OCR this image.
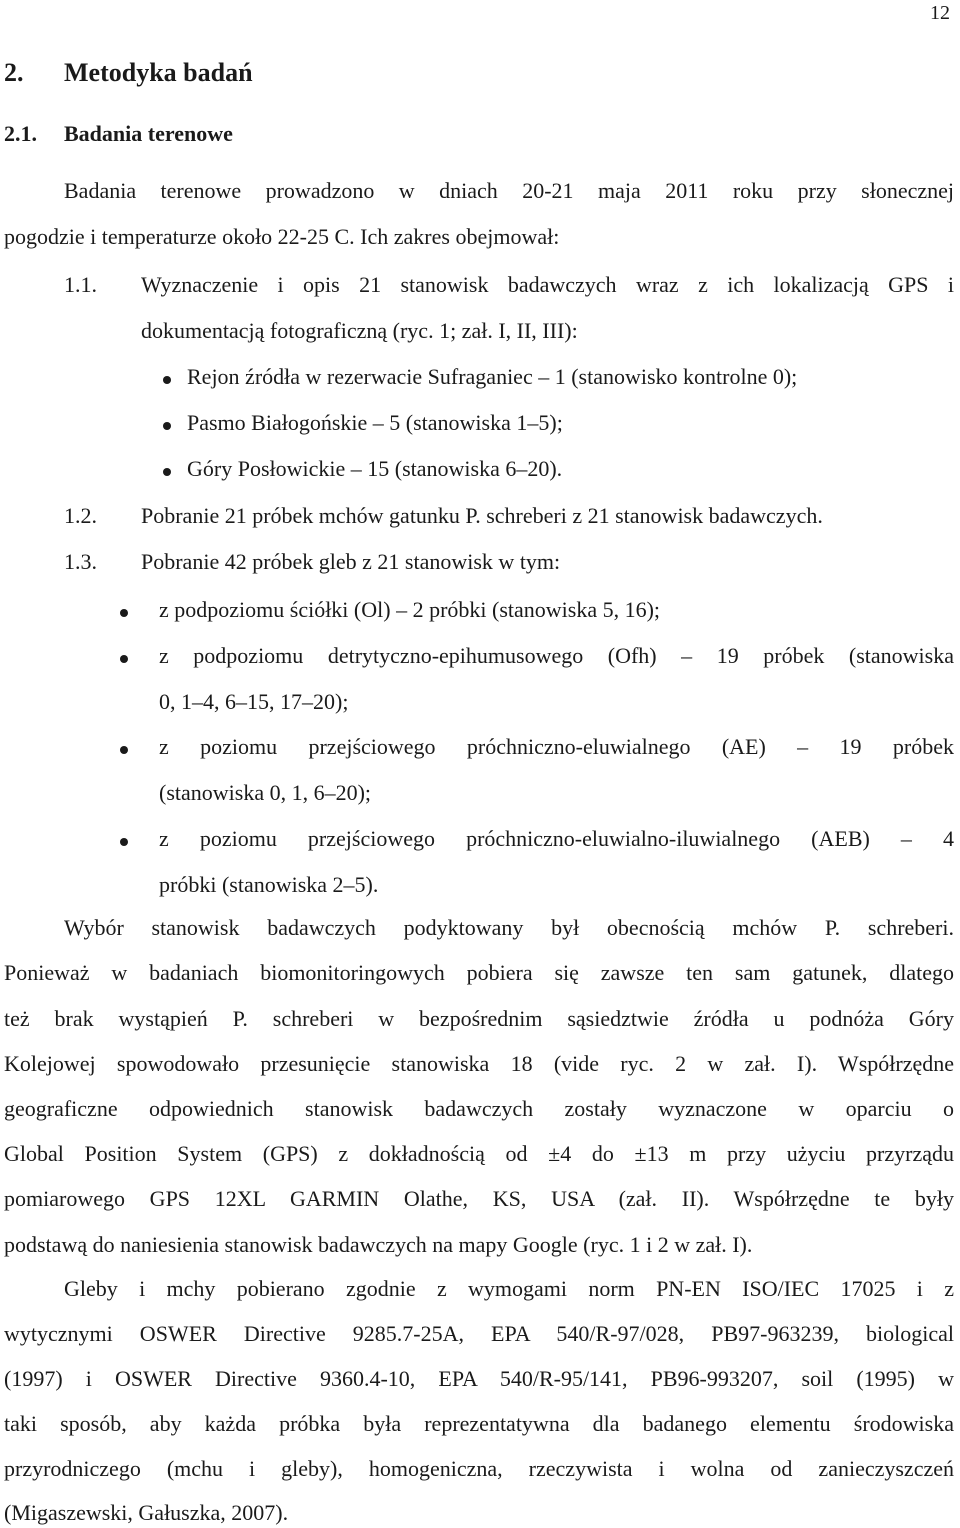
12
2. Metodyka badań
2.1. Badania terenowe
Badania terenowe prowadzono w dniach 20-21 maja 2011 roku przy słonecznej
pogodzie i temperaturze około 22-25 C. Ich zakres obejmował:
1.1. Wyznaczenie i opis 21 stanowisk badawczych wraz z ich lokalizacją GPS i
dokumentacją fotograficzną (ryc. 1; zał. I, II, III):
Rejon źródła w rezerwacie Sufraganiec – 1 (stanowisko kontrolne 0);
Pasmo Białogońskie – 5 (stanowiska 1–5);
Góry Posłowickie – 15 (stanowiska 6–20).
1.2. Pobranie 21 próbek mchów gatunku P. schreberi z 21 stanowisk badawczych.
1.3. Pobranie 42 próbek gleb z 21 stanowisk w tym:
z podpoziomu ściółki (Ol) – 2 próbki (stanowiska 5, 16);
z podpoziomu detrytyczno-epihumusowego (Ofh) – 19 próbek (stanowiska
0, 1–4, 6–15, 17–20);
z poziomu przejściowego próchniczno-eluwialnego (AE) – 19 próbek
(stanowiska 0, 1, 6–20);
z poziomu przejściowego próchniczno-eluwialno-iluwialnego (AEB) – 4
próbki (stanowiska 2–5).
Wybór stanowisk badawczych podyktowany był obecnością mchów P. schreberi.
Ponieważ w badaniach biomonitoringowych pobiera się zawsze ten sam gatunek, dlatego
też brak wystąpień P. schreberi w bezpośrednim sąsiedztwie źródła u podnóża Góry
Kolejowej spowodowało przesunięcie stanowiska 18 (vide ryc. 2 w zał. I). Współrzędne
geograficzne odpowiednich stanowisk badawczych zostały wyznaczone w oparciu o
Global Position System (GPS) z dokładnością od ±4 do ±13 m przy użyciu przyrządu
pomiarowego GPS 12XL GARMIN Olathe, KS, USA (zał. II). Współrzędne te były
podstawą do naniesienia stanowisk badawczych na mapy Google (ryc. 1 i 2 w zał. I).
Gleby i mchy pobierano zgodnie z wymogami norm PN-EN ISO/IEC 17025 i z
wytycznymi OSWER Directive 9285.7-25A, EPA 540/R-97/028, PB97-963239, biological
(1997) i OSWER Directive 9360.4-10, EPA 540/R-95/141, PB96-993207, soil (1995) w
taki sposób, aby każda próbka była reprezentatywna dla badanego elementu środowiska
przyrodniczego (mchu i gleby), homogeniczna, rzeczywista i wolna od zanieczyszczeń
(Migaszewski, Gałuszka, 2007).
